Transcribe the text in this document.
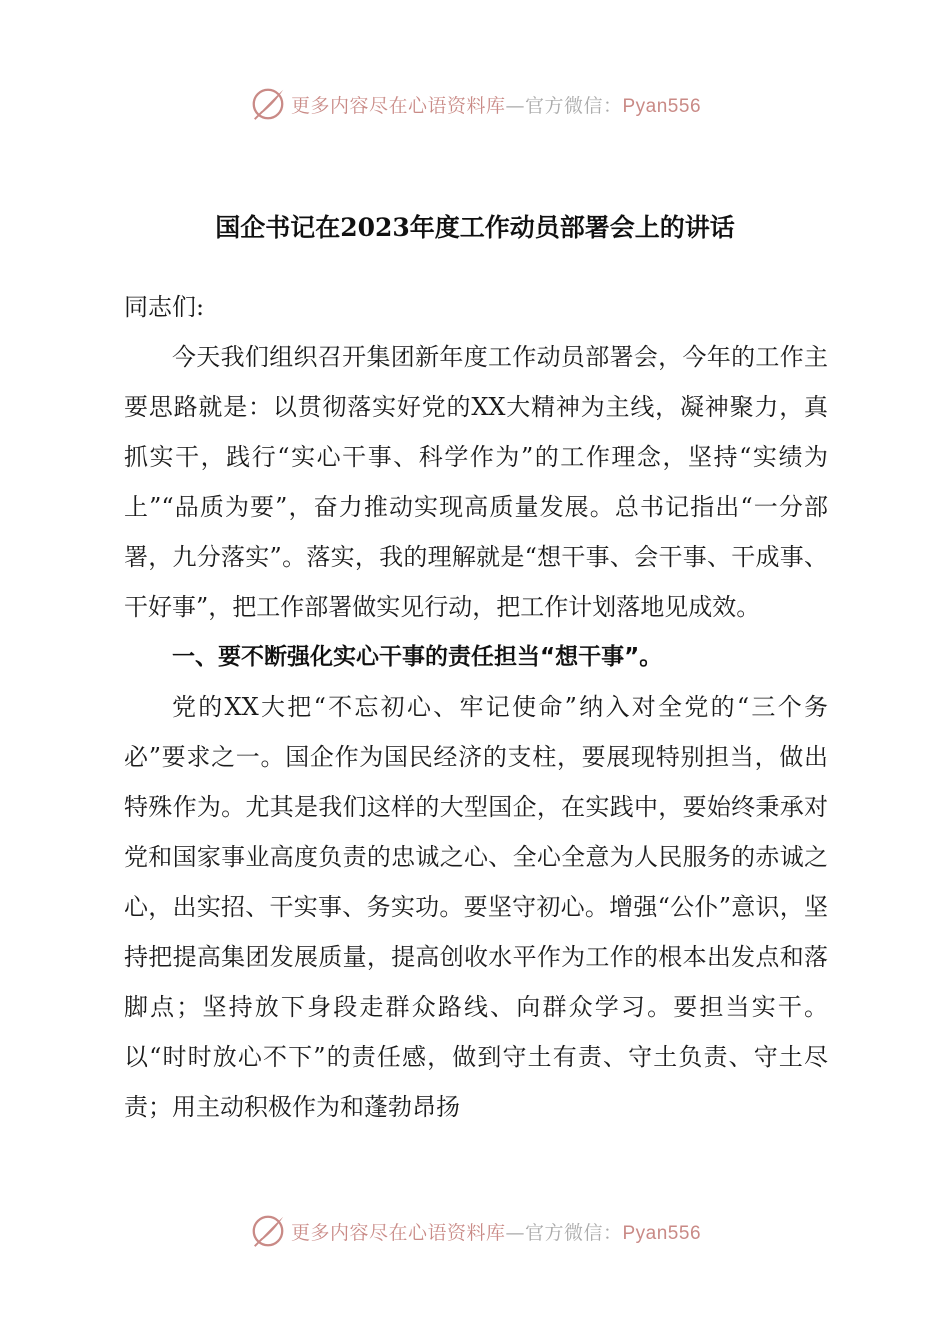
更多内容尽在心语资料库—官方微信：Pyan556
国企书记在2023年度工作动员部署会上的讲话

同志们:

今天我们组织召开集团新年度工作动员部署会，今年的工作主要思路就是：以贯彻落实好党的XX大精神为主线，凝神聚力，真抓实干，践行“实心干事、科学作为”的工作理念，坚持“实绩为上”“品质为要”，奋力推动实现高质量发展。总书记指出“一分部署，九分落实”。落实，我的理解就是“想干事、会干事、干成事、干好事”，把工作部署做实见行动，把工作计划落地见成效。

一、要不断强化实心干事的责任担当“想干事”。

党的XX大把“不忘初心、牢记使命”纳入对全党的“三个务必”要求之一。国企作为国民经济的支柱，要展现特别担当，做出特殊作为。尤其是我们这样的大型国企，在实践中，要始终秉承对党和国家事业高度负责的忠诚之心、全心全意为人民服务的赤诚之心，出实招、干实事、务实功。要坚守初心。增强“公仆”意识，坚持把提高集团发展质量，提高创收水平作为工作的根本出发点和落脚点；坚持放下身段走群众路线、向群众学习。要担当实干。以“时时放心不下”的责任感，做到守土有责、守土负责、守土尽责；用主动积极作为和蓬勃昂扬

更多内容尽在心语资料库—官方微信：Pyan556
